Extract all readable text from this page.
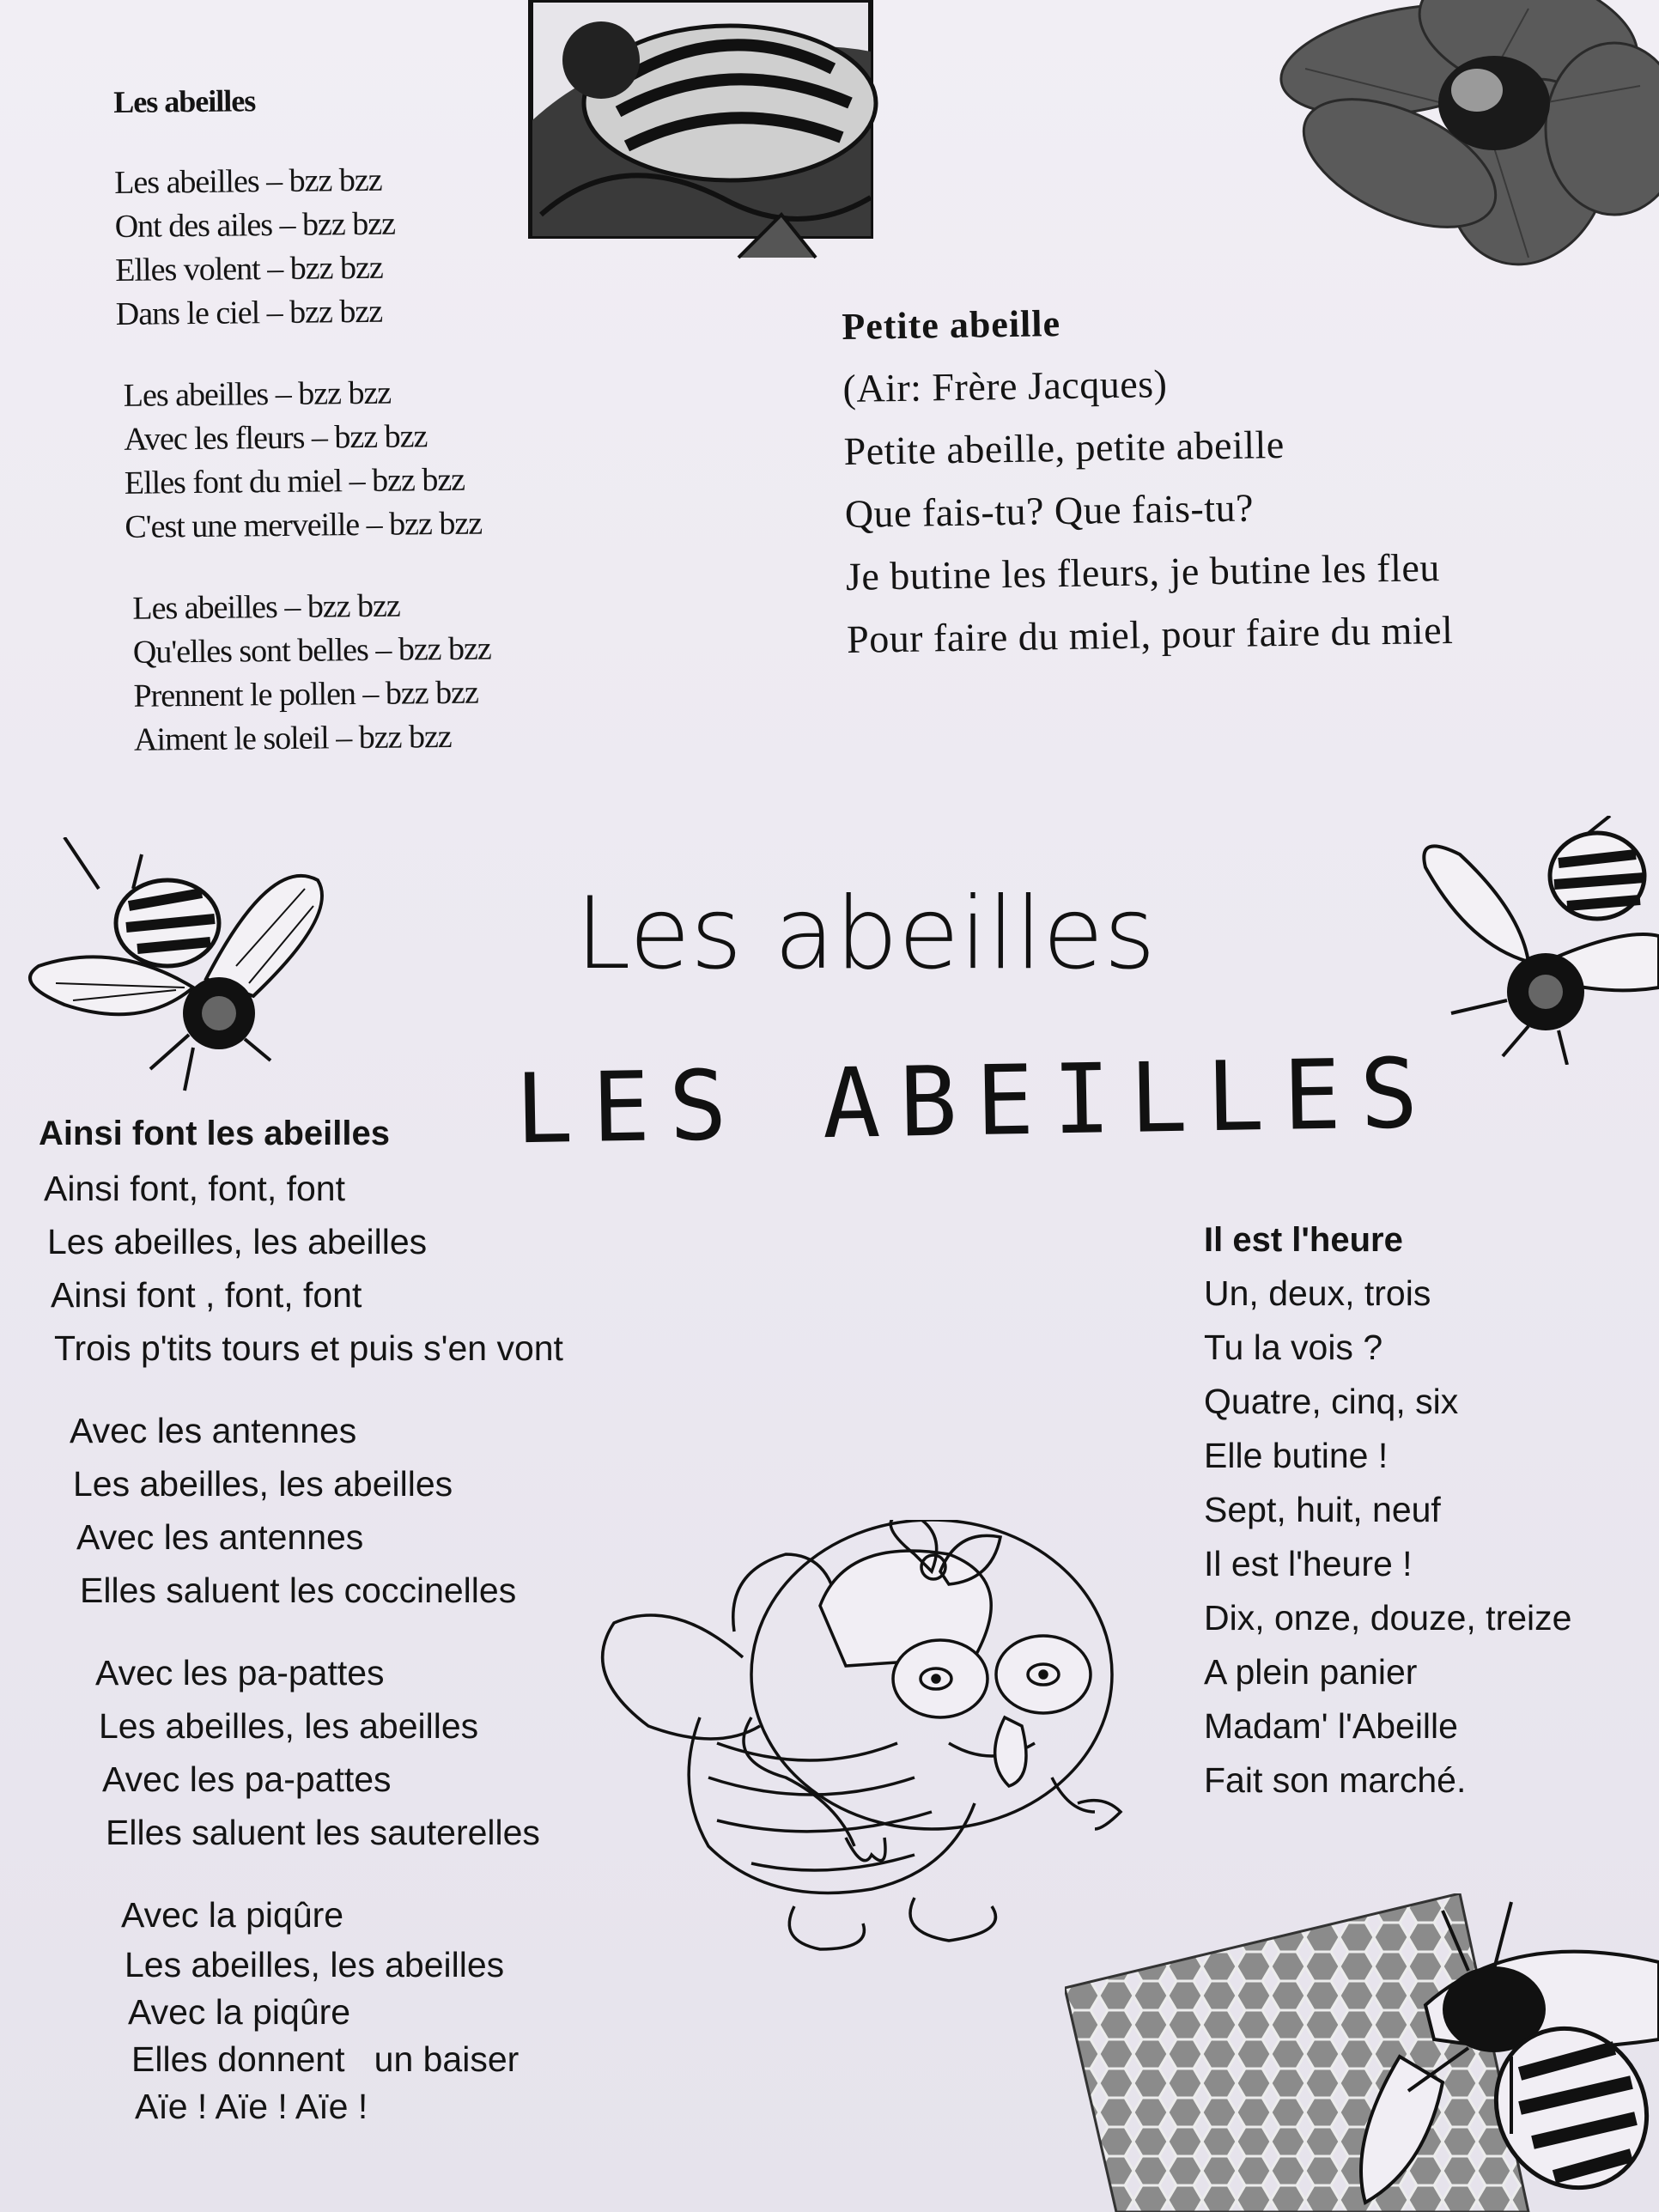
Les abeilles
Les abeilles – bzz bzz
Ont des ailes – bzz bzz
Elles volent – bzz bzz
Dans le ciel – bzz bzz
Les abeilles – bzz bzz
Avec les fleurs – bzz bzz
Elles font du miel – bzz bzz
C'est une merveille – bzz bzz
Les abeilles – bzz bzz
Qu'elles sont belles – bzz bzz
Prennent le pollen – bzz bzz
Aiment le soleil – bzz bzz
Petite abeille
(Air: Frère Jacques)
Petite abeille, petite abeille
Que fais-tu? Que fais-tu?
Je butine les fleurs, je butine les fleu
Pour faire du miel, pour faire du miel
Les abeilles
LES ABEILLES
Ainsi font les abeilles
Ainsi font, font, font
Les abeilles, les abeilles
Ainsi font , font, font
Trois p'tits tours et puis s'en vont
Avec les antennes
Les abeilles, les abeilles
Avec les antennes
Elles saluent les coccinelles
Avec les pa-pattes
Les abeilles, les abeilles
Avec les pa-pattes
Elles saluent les sauterelles
Avec la piqûre
Les abeilles, les abeilles
Avec la piqûre
Elles donnent   un baiser
Aïe ! Aïe ! Aïe !
Il est l'heure
Un, deux, trois
Tu la vois ?
Quatre, cinq, six
Elle butine !
Sept, huit, neuf
Il est l'heure !
Dix, onze, douze, treize
A plein panier
Madam' l'Abeille
Fait son marché.
